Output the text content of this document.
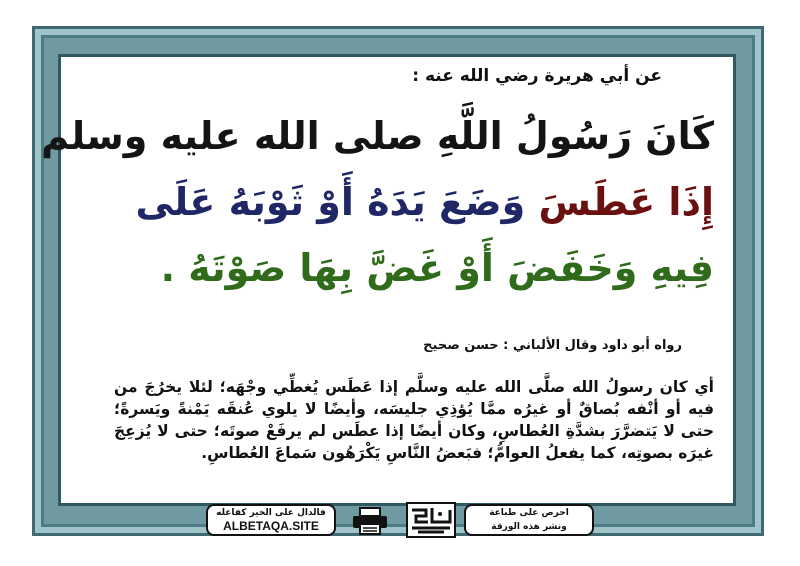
عن أبي هريرة رضي الله عنه :
كَانَ رَسُولُ اللَّهِ صلى الله عليه وسلم
إِذَا عَطَسَ وَضَعَ يَدَهُ أَوْ ثَوْبَهُ عَلَى
فِيهِ وَخَفَضَ أَوْ غَضَّ بِهَا صَوْتَهُ .
رواه أبو داود وقال الألباني : حسن صحيح
أي كان رسولُ الله صلَّى الله عليه وسلَّم إذا عَطَس يُغطِّي وجْهَه؛ لئلا يخرُجَ من فيه أو أنْفه بُصاقٌ أو غيرُه ممَّا يُؤذِي جليسَه، وأيضًا لا يلوي عُنقَه يَمْنةً ويَسرةً؛ حتى لا يَتضرَّرَ بشدَّةِ العُطاسِ، وكان أيضًا إذا عطَس لم يرفَعْ صوتَه؛ حتى لا يُزعِجَ غيرَه بصوتِه، كما يفعلُ العوامُّ؛ فبَعضُ النَّاسِ يَكْرَهُون سَماعَ العُطاسِ.
فالدال على الخير كفاعله
ALBETAQA.SITE
احرص على طباعة
ونشر هذه الورقة
